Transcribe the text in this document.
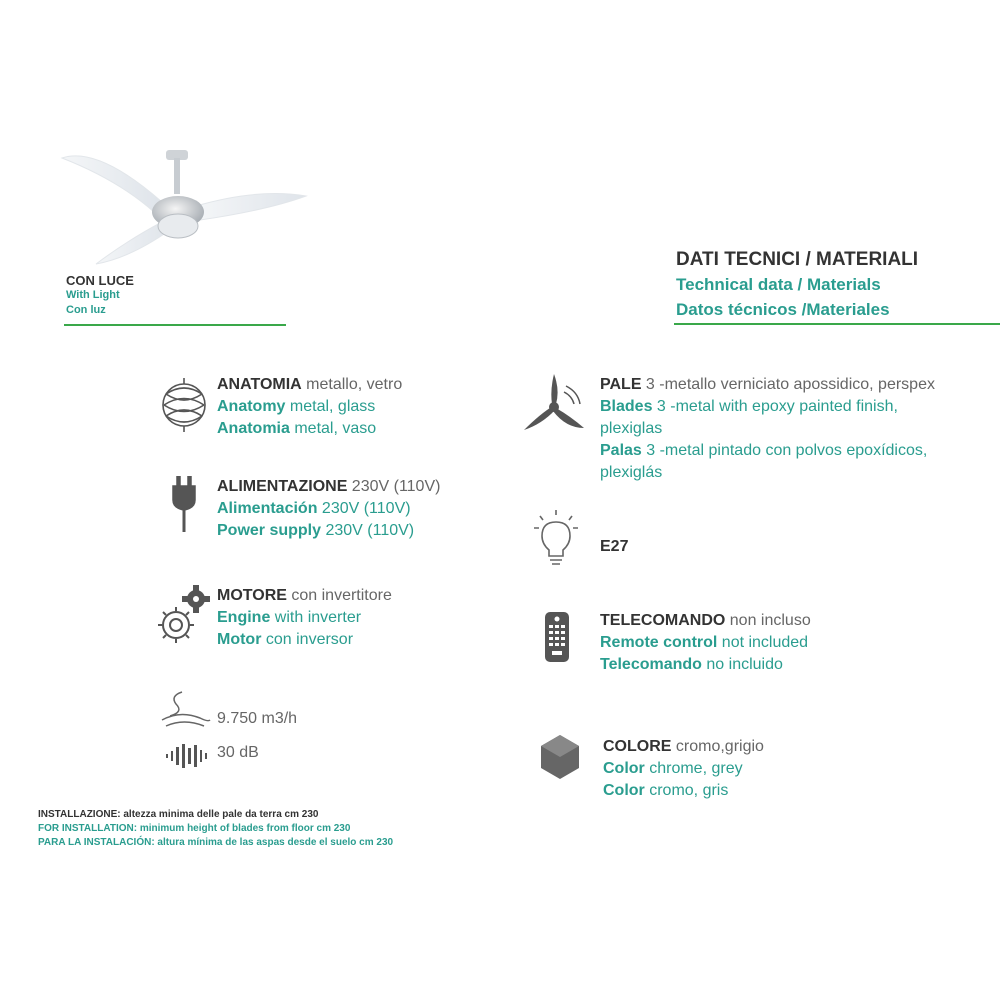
CON LUCE
With Light
Con luz
DATI TECNICI / MATERIALI
Technical data / Materials
Datos técnicos /Materiales
ANATOMIA metallo, vetro
Anatomy metal, glass
Anatomia metal, vaso
ALIMENTAZIONE 230V (110V)
Alimentación 230V (110V)
Power supply 230V (110V)
MOTORE con invertitore
Engine with inverter
Motor con inversor
9.750 m3/h
30 dB
INSTALLAZIONE: altezza minima delle pale da terra cm 230
FOR INSTALLATION: minimum height of blades from floor cm 230
PARA LA INSTALACIÓN: altura mínima de las aspas desde el suelo cm 230
PALE 3 -metallo verniciato apossidico, perspex
Blades 3 -metal with epoxy painted finish,
plexiglas
Palas 3 -metal pintado con polvos epoxídicos,
plexiglás
E27
TELECOMANDO non incluso
Remote control not included
Telecomando no incluido
COLORE cromo,grigio
Color chrome, grey
Color cromo, gris
